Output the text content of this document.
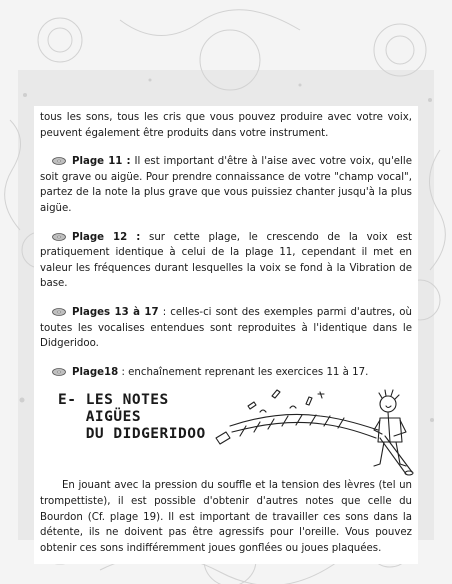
tous les sons, tous les cris que vous pouvez produire avec votre voix, peuvent également être produits dans votre instrument.

Plage 11 : Il est important d'être à l'aise avec votre voix, qu'elle soit grave ou aigüe. Pour prendre connaissance de votre "champ vocal", partez de la note la plus grave que vous puissiez chanter jusqu'à la plus aigüe.

Plage 12 : sur cette plage, le crescendo de la voix est pratiquement identique à celui de la plage 11, cependant il met en valeur les fréquences durant lesquelles la voix se fond à la Vibration de base.

Plages 13 à 17 : celles-ci sont des exemples parmi d'autres, où toutes les vocalises entendues sont reproduites à l'identique dans le Didgeridoo.

Plage18 : enchaînement reprenant les exercices 11 à 17.

E- LES NOTES
AIGÜES
DU DIDGERIDOO

En jouant avec la pression du souffle et la tension des lèvres (tel un trompettiste), il est possible d'obtenir d'autres notes que celle du Bourdon (Cf. plage 19). Il est important de travailler ces sons dans la détente, ils ne doivent pas être agressifs pour l'oreille. Vous pouvez obtenir ces sons indifféremment joues gonflées ou joues plaquées.
